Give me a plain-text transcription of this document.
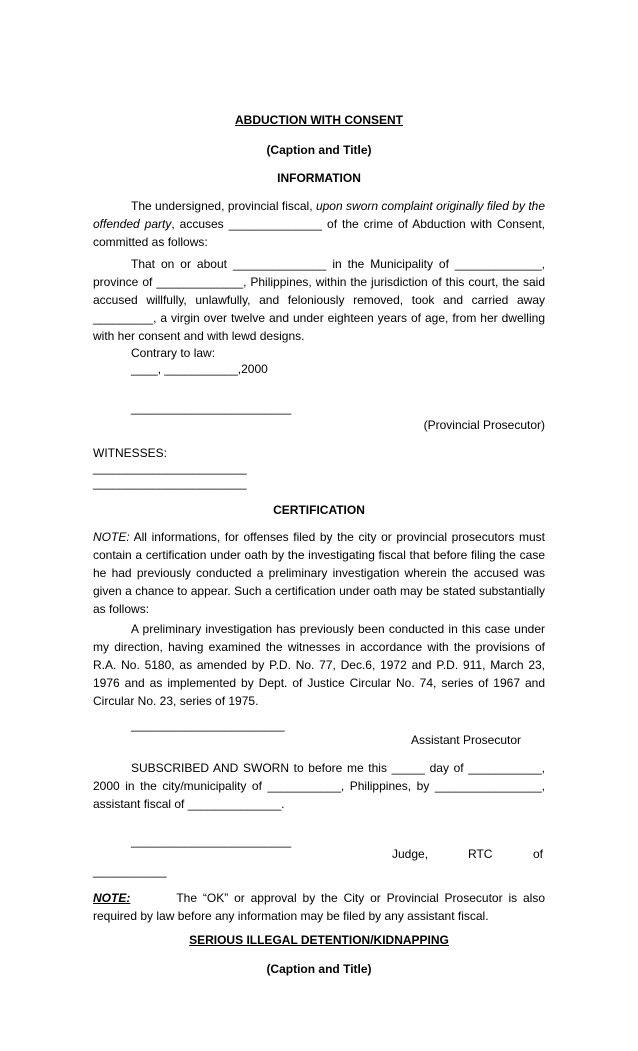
ABDUCTION WITH CONSENT
(Caption and Title)
INFORMATION

The undersigned, provincial fiscal, upon sworn complaint originally filed by the offended party, accuses ______________ of the crime of Abduction with Consent, committed as follows:

That on or about ______________ in the Municipality of _____________, province of _____________, Philippines, within the jurisdiction of this court, the said accused willfully, unlawfully, and feloniously removed, took and carried away _________, a virgin over twelve and under eighteen years of age, from her dwelling with her consent and with lewd designs.

Contrary to law:
____, ___________,2000
________________________
(Provincial Prosecutor)
WITNESSES:
_______________________
_______________________
CERTIFICATION

NOTE: All informations, for offenses filed by the city or provincial prosecutors must contain a certification under oath by the investigating fiscal that before filing the case he had previously conducted a preliminary investigation wherein the accused was given a chance to appear. Such a certification under oath may be stated substantially as follows:

A preliminary investigation has previously been conducted in this case under my direction, having examined the witnesses in accordance with the provisions of R.A. No. 5180, as amended by P.D. No. 77, Dec.6, 1972 and P.D. 911, March 23, 1976 and as implemented by Dept. of Justice Circular No. 74, series of 1967 and Circular No. 23, series of 1975.

_______________________
Assistant Prosecutor

SUBSCRIBED AND SWORN to before me this _____ day of ___________, 2000 in the city/municipality of ___________, Philippines, by ________________, assistant fiscal of ______________.

________________________
Judge,	RTC	of
___________

NOTE:	The “OK” or approval by the City or Provincial Prosecutor is also required by law before any information may be filed by any assistant fiscal.

SERIOUS ILLEGAL DETENTION/KIDNAPPING
(Caption and Title)
